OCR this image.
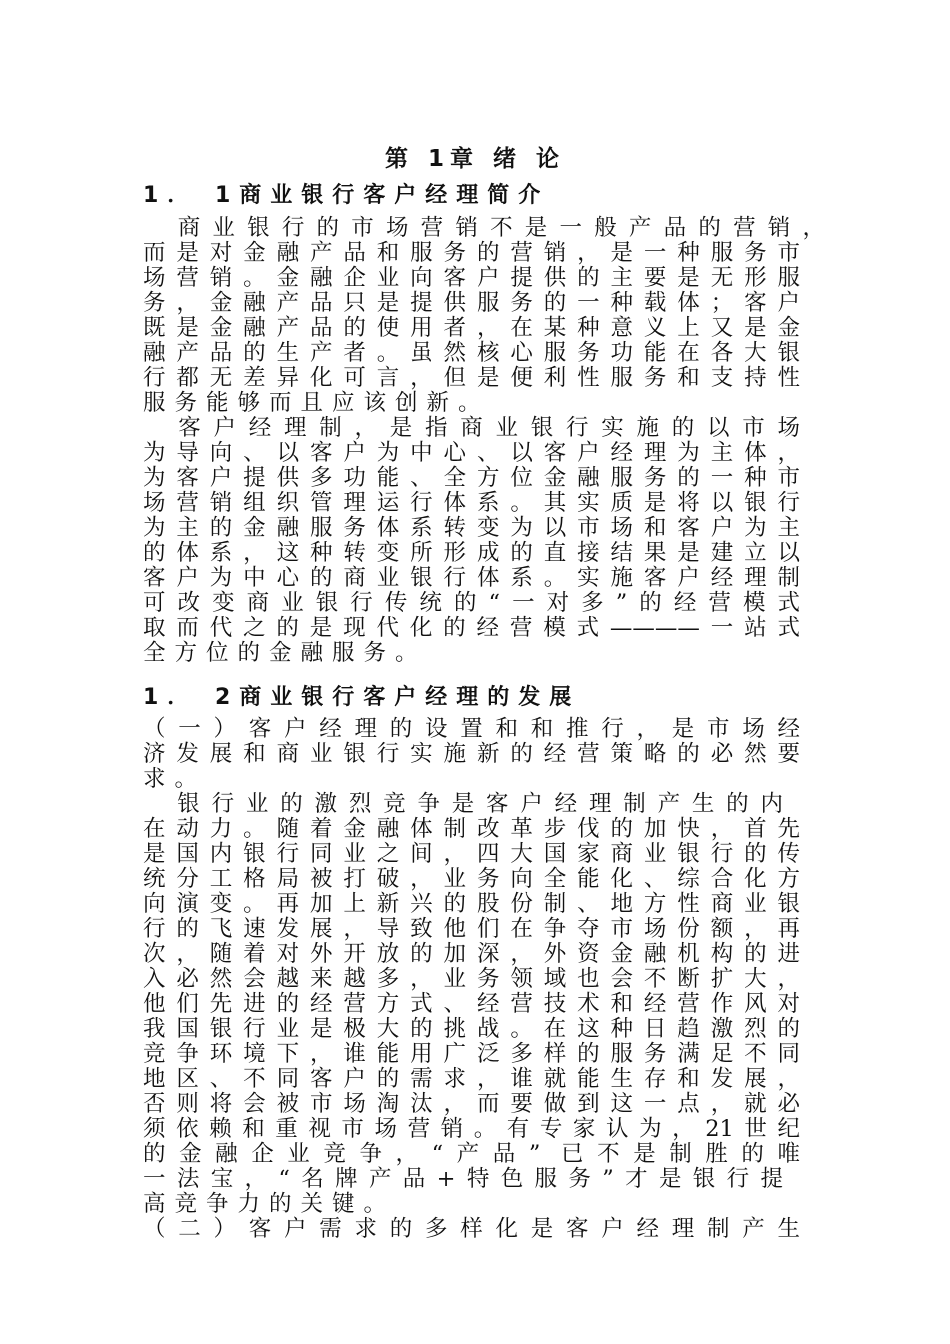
第 1章 绪 论
1． 1商业银行客户经理简介
　商业银行的市场营销不是一般产品的营销，
而是对金融产品和服务的营销，是一种服务市
场营销。金融企业向客户提供的主要是无形服
务，金融产品只是提供服务的一种载体；客户
既是金融产品的使用者，在某种意义上又是金
融产品的生产者。虽然核心服务功能在各大银
行都无差异化可言，但是便利性服务和支持性
服务能够而且应该创新。
　客户经理制，是指商业银行实施的以市场
为导向、以客户为中心、以客户经理为主体，
为客户提供多功能、全方位金融服务的一种市
场营销组织管理运行体系。其实质是将以银行
为主的金融服务体系转变为以市场和客户为主
的体系，这种转变所形成的直接结果是建立以
客户为中心的商业银行体系。实施客户经理制
可改变商业银行传统的“一对多”的经营模式
取而代之的是现代化的经营模式————一站式
全方位的金融服务。
1． 2商业银行客户经理的发展
（一）客户经理的设置和和推行，是市场经
济发展和商业银行实施新的经营策略的必然要
求。
　银行业的激烈竞争是客户经理制产生的内
在动力。随着金融体制改革步伐的加快，首先
是国内银行同业之间，四大国家商业银行的传
统分工格局被打破，业务向全能化、综合化方
向演变。再加上新兴的股份制、地方性商业银
行的飞速发展，导致他们在争夺市场份额，再
次，随着对外开放的加深，外资金融机构的进
入必然会越来越多，业务领域也会不断扩大，
他们先进的经营方式、经营技术和经营作风对
我国银行业是极大的挑战。在这种日趋激烈的
竞争环境下，谁能用广泛多样的服务满足不同
地区、不同客户的需求，谁就能生存和发展，
否则将会被市场淘汰，而要做到这一点，就必
须依赖和重视市场营销。有专家认为，21世纪
的金融企业竞争，“产品” 已不是制胜的唯
一法宝，“名牌产品+特色服务”才是银行提
高竞争力的关键。
（二）客户需求的多样化是客户经理制产生
